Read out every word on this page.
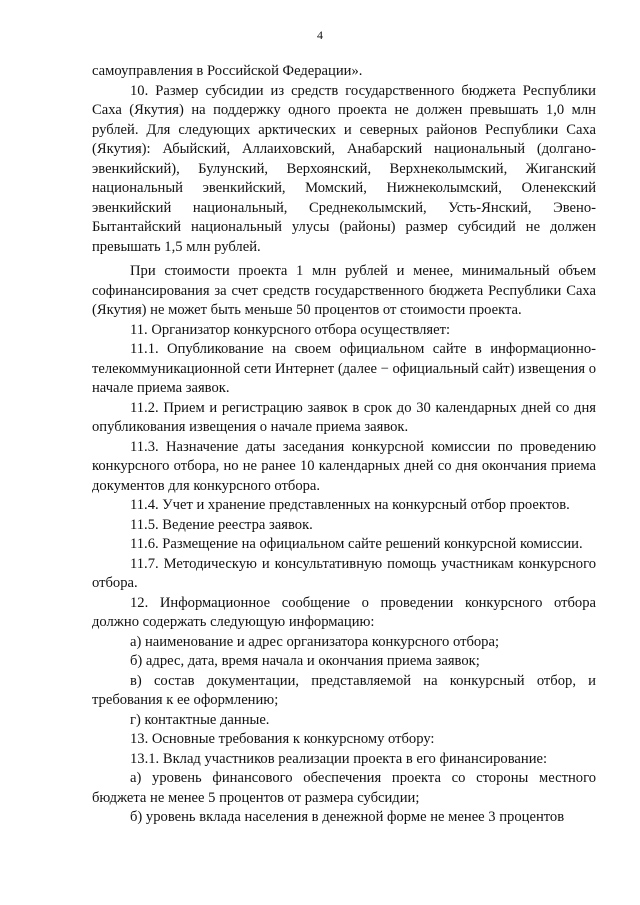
4

самоуправления в Российской Федерации».

10. Размер субсидии из средств государственного бюджета Республики Саха (Якутия) на поддержку одного проекта не должен превышать 1,0 млн рублей. Для следующих арктических и северных районов Республики Саха (Якутия): Абыйский, Аллаиховский, Анабарский национальный (долгано-эвенкийский), Булунский, Верхоянский, Верхнеколымский, Жиганский национальный эвенкийский, Момский, Нижнеколымский, Оленекский эвенкийский национальный, Среднеколымский, Усть-Янский, Эвено-Бытантайский национальный улусы (районы) размер субсидий не должен превышать 1,5 млн рублей.

При стоимости проекта 1 млн рублей и менее, минимальный объем софинансирования за счет средств государственного бюджета Республики Саха (Якутия) не может быть меньше 50 процентов от стоимости проекта.

11. Организатор конкурсного отбора осуществляет:

11.1. Опубликование на своем официальном сайте в информационно-телекоммуникационной сети Интернет (далее − официальный сайт) извещения о начале приема заявок.

11.2. Прием и регистрацию заявок в срок до 30 календарных дней со дня опубликования извещения о начале приема заявок.

11.3. Назначение даты заседания конкурсной комиссии по проведению конкурсного отбора, но не ранее 10 календарных дней со дня окончания приема документов для конкурсного отбора.

11.4. Учет и хранение представленных на конкурсный отбор проектов.

11.5. Ведение реестра заявок.

11.6. Размещение на официальном сайте решений конкурсной комиссии.

11.7. Методическую и консультативную помощь участникам конкурсного отбора.

12. Информационное сообщение о проведении конкурсного отбора должно содержать следующую информацию:

а) наименование и адрес организатора конкурсного отбора;

б) адрес, дата, время начала и окончания приема заявок;

в) состав документации, представляемой на конкурсный отбор, и требования к ее оформлению;

г) контактные данные.

13. Основные требования к конкурсному отбору:

13.1. Вклад участников реализации проекта в его финансирование:

а) уровень финансового обеспечения проекта со стороны местного бюджета не менее 5 процентов от размера субсидии;

б) уровень вклада населения в денежной форме не менее 3 процентов
